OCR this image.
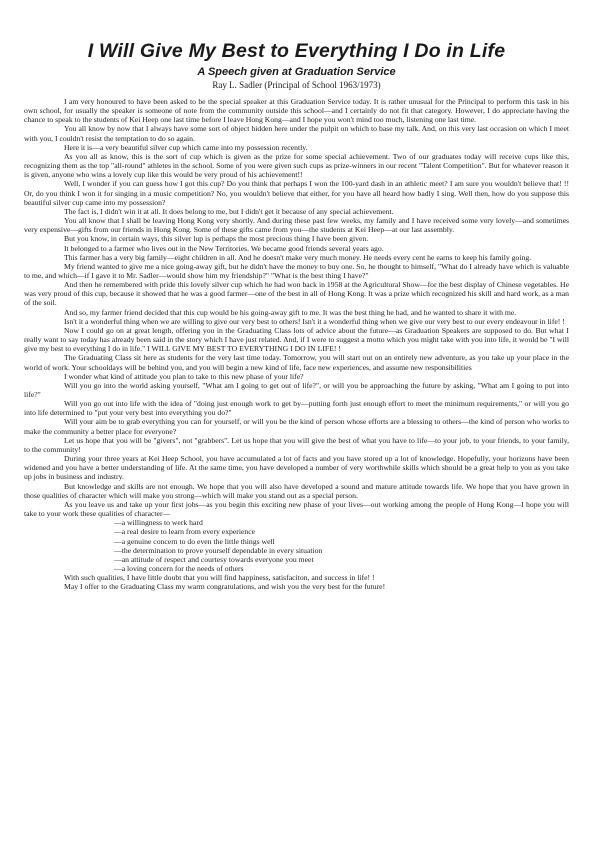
I Will Give My Best to Everything I Do in Life
A Speech given at Graduation Service
Ray L. Sadler (Principal of School 1963/1973)

I am very honoured to have been asked to be the special speaker at this Graduation Service today. It is rather unusual for the Principal to perform this task in his own school, for usually the speaker is someone of note from the community outside this school—and I certainly do not fit that category. However, I do appreciate having the chance to speak to the students of Kei Heep one last time before I leave Hong Kong—and I hope you won't mind too much, listening one last time.

You all know by now that I always have some sort of object hidden here under the pulpit on which to base my talk. And, on this very last occasion on which I meet with you, I couldn't resist the temptation to do so again.

Here it is—a very beautiful silver cup which came into my possession recently.

As you all as know, this is the sort of cup which is given as the prize for some special achievement. Two of our graduates today will receive cups like this, recognizing them as the top "all-round" athletes in the school. Some of you were given such cups as prize-winners in our recent "Talent Competition". But for whatever reason it is given, anyone who wins a lovely cup like this would be very proud of his achievement!!

Well, I wonder if you can guess how I got this cup? Do you think that perhaps I won the 100-yard dash in an athletic meet? I am sure you wouldn't believe that! !! Or, do you think I won it for singing in a music competition? No, you wouldn't believe that either, for you have all heard how badly I sing. Well then, how do you suppose this beautiful silver cup came into my possession?

The fact is, I didn't win it at all. It does belong to me, but I didn't get it because of any special achievement.

You all know that I shall be leaving Hong Kong very shortly. And during these past few weeks, my family and I have received some very lovely—and sometimes very expensive—gifts from our friends in Hong Kong. Some of these gifts came from you—the students at Kei Heep—at our last assembly.

But you know, in certain ways, this silver lup is perhaps the most precious thing I have been given.

It belonged to a farmer who lives out in the New Territories. We became good friends several years ago.

This farmer has a very big family—eight children in all. And he doesn't make very much money. He needs every cent he earns to keep his family going.

My friend wanted to give me a nice going-away gift, but he didn't have the money to buy one. So, he thought to himself, "What do I already have which is valuable to me, and which—if I gave it to Mr. Sadler—would show him my friendship?" "What is the best thing I have?"

And then he remembered with pride this lovely silver cup which he had won back in 1958 at the Agricultural Show—for the best display of Chinese vegetables. He was very proud of this cup, because it showed that he was a good farmer—one of the best in all of Hong Kong. It was a prize which recognized his skill and hard work, as a man of the soil.

And so, my farmer friend decided that this cup would be his going-away gift to me. It was the best thing he had, and he wanted to share it with me.

Isn't it a wonderful thing when we are willing to give our very best to others! Isn't it a wonderful thing when we give our very best to our every endeavour in life! !

Now I could go on at great length, offering you in the Graduating Class lots of advice about the future—as Graduation Speakers are supposed to do. But what I really want to say today has already been said in the story which I have just related. And, if I were to suggest a motto which you might take with you into life, it would be "I will give my best to everything I do in life." I WILL GIVE MY BEST TO EVERYTHING I DO IN LIFE! !

The Graduating Class sit here as students for the very last time today. Tomorrow, you will start out on an entirely new adventure, as you take up your place in the world of work. Your schooldays will be behind you, and you will begin a new kind of life, face new experiences, and assume new responsibilities

I wonder what kind of attitude you plan to take to this new phase of your life?

Will you go into the world asking yourself, "What am I going to get out of life?", or will you be approaching the future by asking, "What am I going to put into life?"

Will you go out into life with the idea of "doing just enough work to get by—putting forth just enough effort to meet the minimum requirements," or will you go into life determined to "put your very best into everything you do?"

Will your aim be to grab everything you can for yourself, or will you be the kind of person whose efforts are a blessing to others—the kind of person who works to make the community a better place for everyone?

Let us hope that you will be "givers", not "grabbers". Let us hope that you will give the best of what you have to life—to your job, to your friends, to your family, to the community!

During your three years at Kei Heep School, you have accumulated a lot of facts and you have stored up a lot of knowledge. Hopefully, your horizons have been widened and you have a better understanding of life. At the same time, you have developed a number of very worthwhile skills which should be a great help to you as you take up jobs in business and industry.

But knowledge and skills are not enough. We hope that you will also have developed a sound and mature attitude towards life. We hope that you have grown in those qualities of character which will make you strong—which will make you stand out as a special person.

As you leave us and take up your first jobs—as you begin this exciting new phase of your lives—out working among the people of Hong Kong—I hope you will take to your work these qualities of character—

—a willingness to werk hard
—a real desire to learn from every experience
—a genuine concern to do even the little things well
—the determination to prove yourself dependable in every situation
—an attitude of respect and courtesy towards everyone you meet
—a loving concern for the needs of others

With such qualities, I have little doubt that you will find happiness, satisfaciton, and success in life! !

May I offer to the Graduating Class my warm congratulations, and wish you the very best for the future!
